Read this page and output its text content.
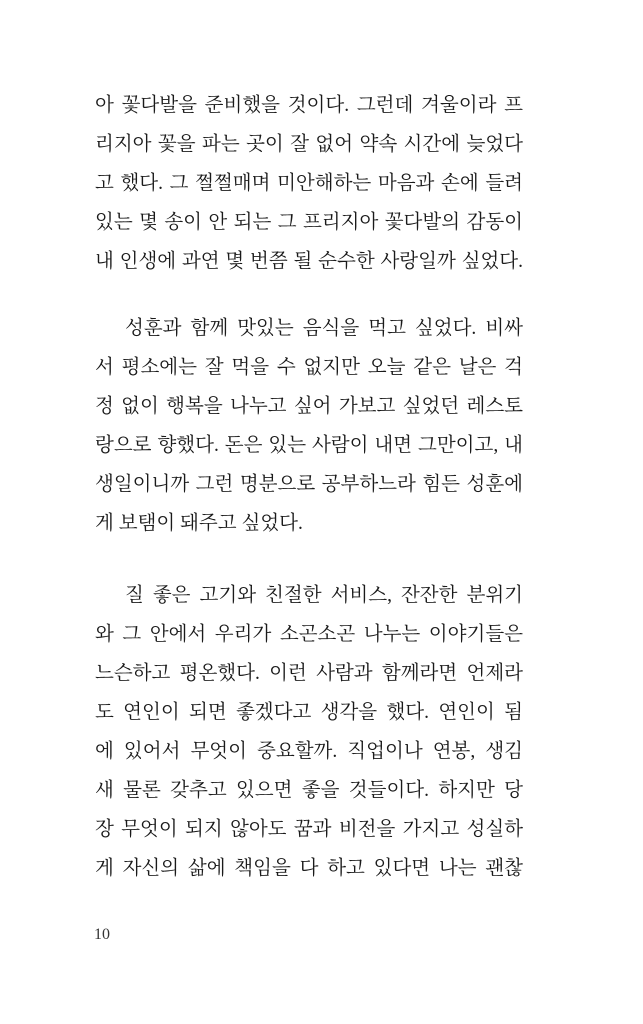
아 꽃다발을 준비했을 것이다. 그런데 겨울이라 프
리지아 꽃을 파는 곳이 잘 없어 약속 시간에 늦었다
고 했다. 그 쩔쩔매며 미안해하는 마음과 손에 들려
있는 몇 송이 안 되는 그 프리지아 꽃다발의 감동이
내 인생에 과연 몇 번쯤 될 순수한 사랑일까 싶었다.
성훈과 함께 맛있는 음식을 먹고 싶었다. 비싸
서 평소에는 잘 먹을 수 없지만 오늘 같은 날은 걱
정 없이 행복을 나누고 싶어 가보고 싶었던 레스토
랑으로 향했다. 돈은 있는 사람이 내면 그만이고, 내
생일이니까 그런 명분으로 공부하느라 힘든 성훈에
게 보탬이 돼주고 싶었다.
질 좋은 고기와 친절한 서비스, 잔잔한 분위기
와 그 안에서 우리가 소곤소곤 나누는 이야기들은
느슨하고 평온했다. 이런 사람과 함께라면 언제라
도 연인이 되면 좋겠다고 생각을 했다. 연인이 됨
에 있어서 무엇이 중요할까. 직업이나 연봉, 생김
새 물론 갖추고 있으면 좋을 것들이다. 하지만 당
장 무엇이 되지 않아도 꿈과 비전을 가지고 성실하
게 자신의 삶에 책임을 다 하고 있다면 나는 괜찮
10
